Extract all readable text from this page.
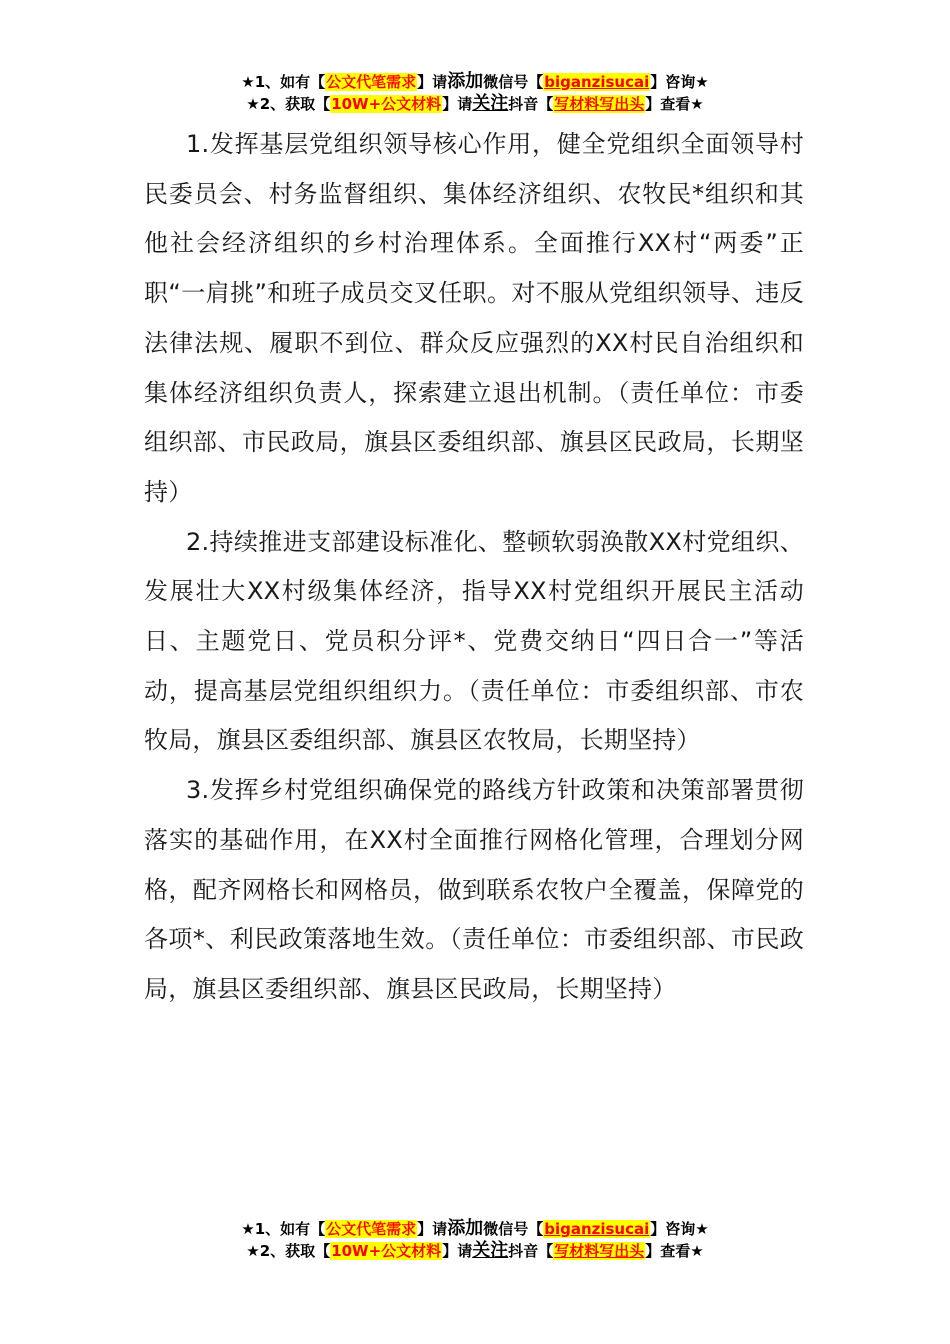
★1、如有【公文代笔需求】请添加微信号【biganzisucai】咨询★
★2、获取【10W+公文材料】请关注抖音【写材料写出头】查看★

1.发挥基层党组织领导核心作用，健全党组织全面领导村民委员会、村务监督组织、集体经济组织、农牧民*组织和其他社会经济组织的乡村治理体系。全面推行XX村“两委”正职“一肩挑”和班子成员交叉任职。对不服从党组织领导、违反法律法规、履职不到位、群众反应强烈的XX村民自治组织和集体经济组织负责人，探索建立退出机制。（责任单位：市委组织部、市民政局，旗县区委组织部、旗县区民政局，长期坚持）

2.持续推进支部建设标准化、整顿软弱涣散XX村党组织、发展壮大XX村级集体经济，指导XX村党组织开展民主活动日、主题党日、党员积分评*、党费交纳日“四日合一”等活动，提高基层党组织组织力。（责任单位：市委组织部、市农牧局，旗县区委组织部、旗县区农牧局，长期坚持）

3.发挥乡村党组织确保党的路线方针政策和决策部署贯彻落实的基础作用，在XX村全面推行网格化管理，合理划分网格，配齐网格长和网格员，做到联系农牧户全覆盖，保障党的各项*、利民政策落地生效。（责任单位：市委组织部、市民政局，旗县区委组织部、旗县区民政局，长期坚持）

★1、如有【公文代笔需求】请添加微信号【biganzisucai】咨询★
★2、获取【10W+公文材料】请关注抖音【写材料写出头】查看★
